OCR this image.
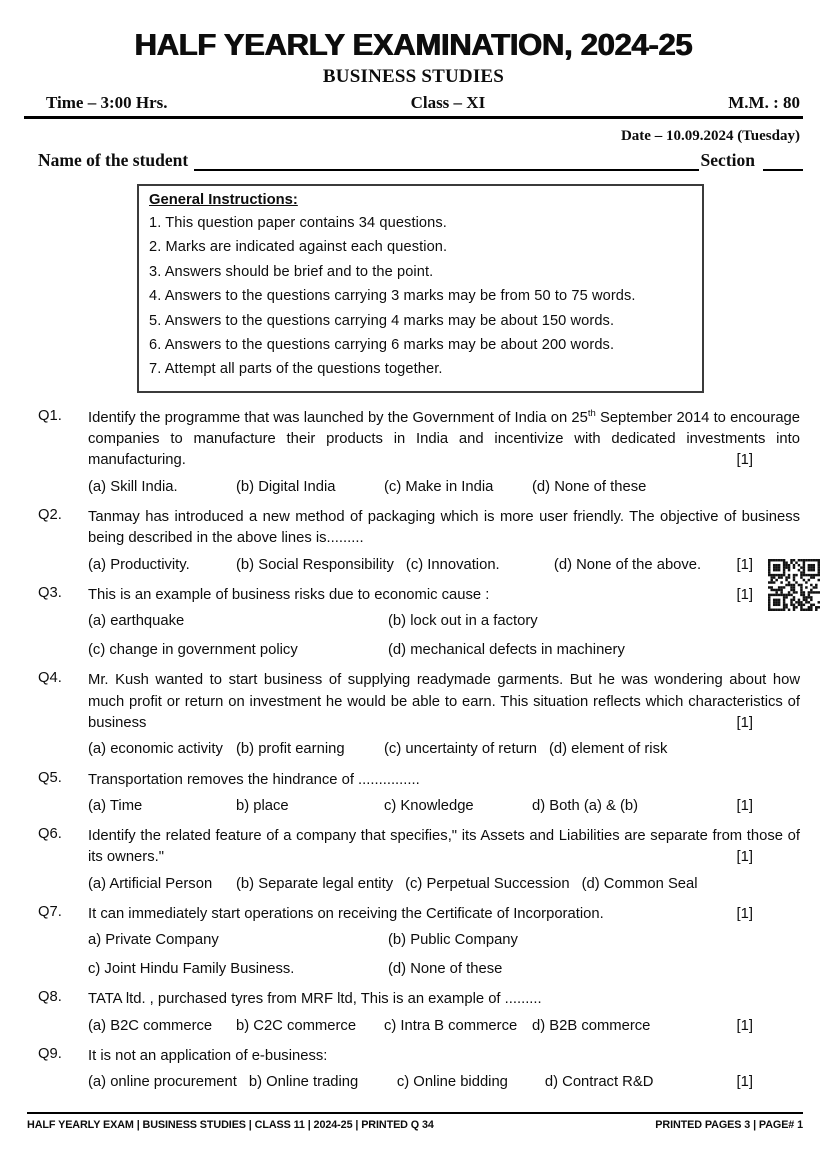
HALF YEARLY EXAMINATION, 2024-25
BUSINESS STUDIES
Time – 3:00 Hrs.	Class – XI	M.M. : 80
Date – 10.09.2024 (Tuesday)
Name of the student	Section
General Instructions:
1. This question paper contains 34 questions.
2. Marks are indicated against each question.
3. Answers should be brief and to the point.
4. Answers to the questions carrying 3 marks may be from 50 to 75 words.
5. Answers to the questions carrying 4 marks may be about 150 words.
6. Answers to the questions carrying 6 marks may be about 200 words.
7. Attempt all parts of the questions together.
Q1.	Identify the programme that was launched by the Government of India on 25th September 2014 to encourage companies to manufacture their products in India and incentivize with dedicated investments into manufacturing.	[1]
(a) Skill India.	(b) Digital India	(c) Make in India	(d) None of these
Q2.	Tanmay has introduced a new method of packaging which is more user friendly. The objective of business being described in the above lines is.........
(a) Productivity.	(b) Social Responsibility (c) Innovation.	(d) None of the above.	[1]
Q3.	This is an example of business risks due to economic cause :	[1]
(a) earthquake	(b) lock out in a factory
(c) change in government policy	(d) mechanical defects in machinery
Q4.	Mr. Kush wanted to start business of supplying readymade garments. But he was wondering about how much profit or return on investment he would be able to earn. This situation reflects which characteristics of business	[1]
(a) economic activity (b) profit earning	(c) uncertainty of return (d) element of risk
Q5.	Transportation removes the hindrance of ...............
(a) Time	b) place	c) Knowledge	d) Both (a) & (b)	[1]
Q6.	Identify the related feature of a company that specifies," its Assets and Liabilities are separate from those of its owners."	[1]
(a) Artificial Person	(b) Separate legal entity (c) Perpetual Succession (d) Common Seal
Q7.	It can immediately start operations on receiving the Certificate of Incorporation.	[1]
a) Private Company	(b) Public Company
c) Joint Hindu Family Business.	(d) None of these
Q8.	TATA ltd. , purchased tyres from MRF ltd, This is an example of .........
(a) B2C commerce	b) C2C commerce	c) Intra B commerce d) B2B commerce	[1]
Q9.	It is not an application of e-business:
(a) online procurement b) Online trading	c) Online bidding	d) Contract R&D	[1]
HALF YEARLY EXAM | BUSINESS STUDIES | CLASS 11 | 2024-25 | PRINTED Q 34	PRINTED PAGES 3 | PAGE# 1
